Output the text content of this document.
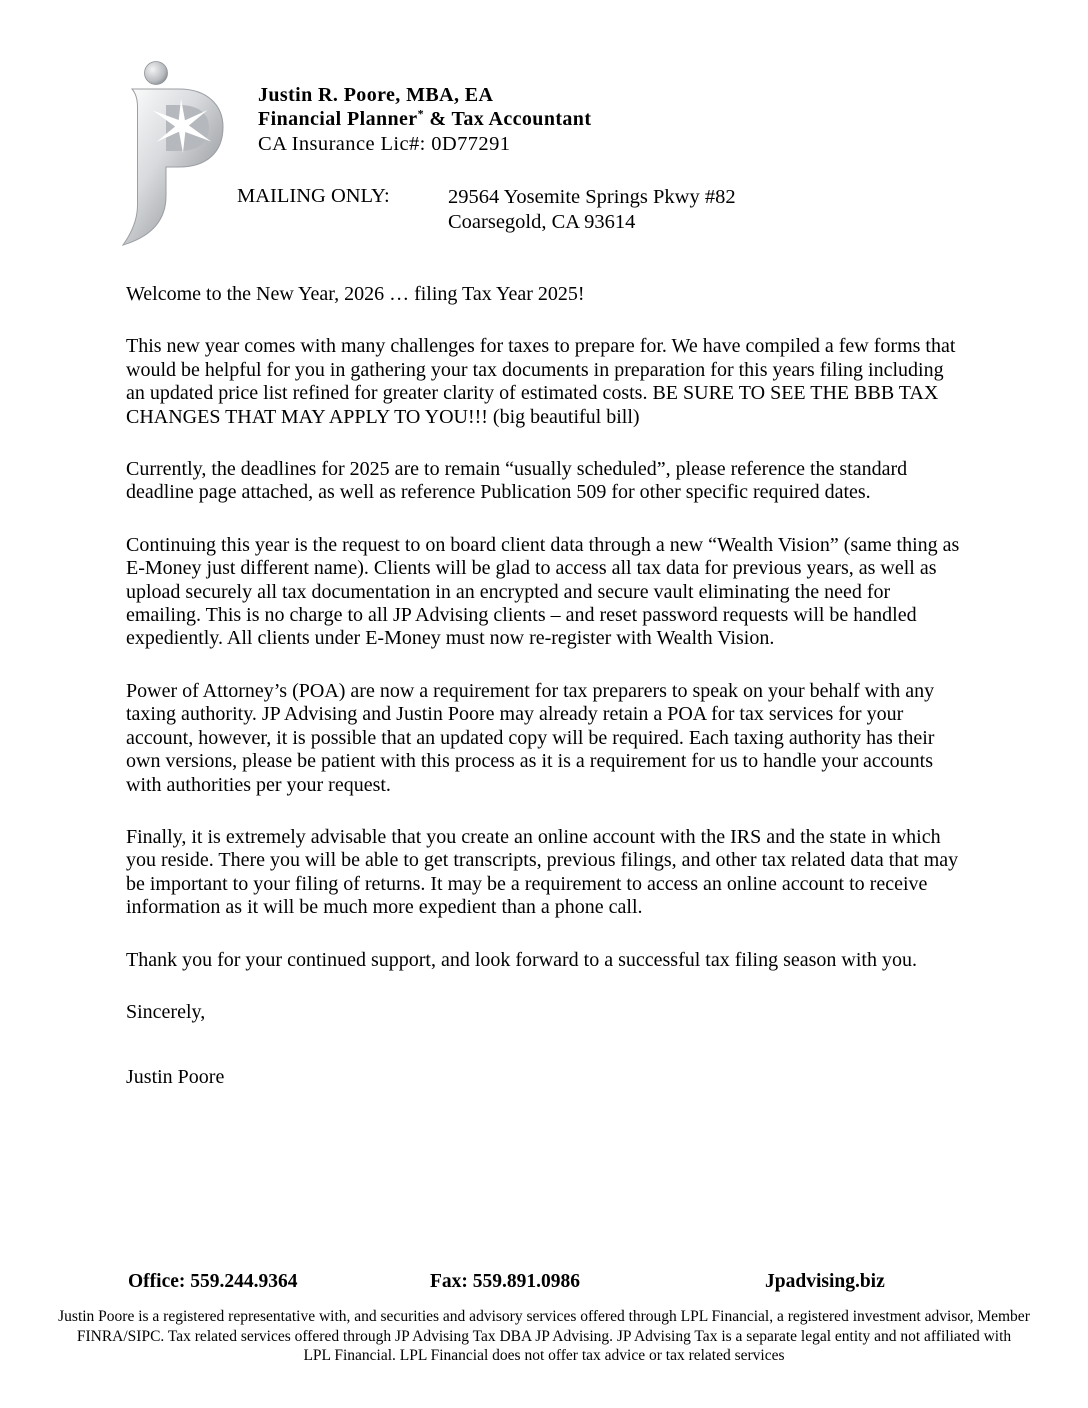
Justin R. Poore, MBA, EA
Financial Planner* & Tax Accountant
CA Insurance Lic#: 0D77291
MAILING ONLY:	29564 Yosemite Springs Pkwy #82
Coarsegold, CA 93614

Welcome to the New Year, 2026 … filing Tax Year 2025!

This new year comes with many challenges for taxes to prepare for. We have compiled a few forms that would be helpful for you in gathering your tax documents in preparation for this years filing including an updated price list refined for greater clarity of estimated costs. BE SURE TO SEE THE BBB TAX CHANGES THAT MAY APPLY TO YOU!!! (big beautiful bill)

Currently, the deadlines for 2025 are to remain “usually scheduled”, please reference the standard deadline page attached, as well as reference Publication 509 for other specific required dates.

Continuing this year is the request to on board client data through a new “Wealth Vision” (same thing as E-Money just different name). Clients will be glad to access all tax data for previous years, as well as upload securely all tax documentation in an encrypted and secure vault eliminating the need for emailing. This is no charge to all JP Advising clients – and reset password requests will be handled expediently. All clients under E-Money must now re-register with Wealth Vision.

Power of Attorney’s (POA) are now a requirement for tax preparers to speak on your behalf with any taxing authority. JP Advising and Justin Poore may already retain a POA for tax services for your account, however, it is possible that an updated copy will be required. Each taxing authority has their own versions, please be patient with this process as it is a requirement for us to handle your accounts with authorities per your request.

Finally, it is extremely advisable that you create an online account with the IRS and the state in which you reside. There you will be able to get transcripts, previous filings, and other tax related data that may be important to your filing of returns. It may be a requirement to access an online account to receive information as it will be much more expedient than a phone call.

Thank you for your continued support, and look forward to a successful tax filing season with you.

Sincerely,

Justin Poore

Office: 559.244.9364	Fax: 559.891.0986	Jpadvising.biz
Justin Poore is a registered representative with, and securities and advisory services offered through LPL Financial, a registered investment advisor, Member
FINRA/SIPC. Tax related services offered through JP Advising Tax DBA JP Advising. JP Advising Tax is a separate legal entity and not affiliated with
LPL Financial. LPL Financial does not offer tax advice or tax related services
